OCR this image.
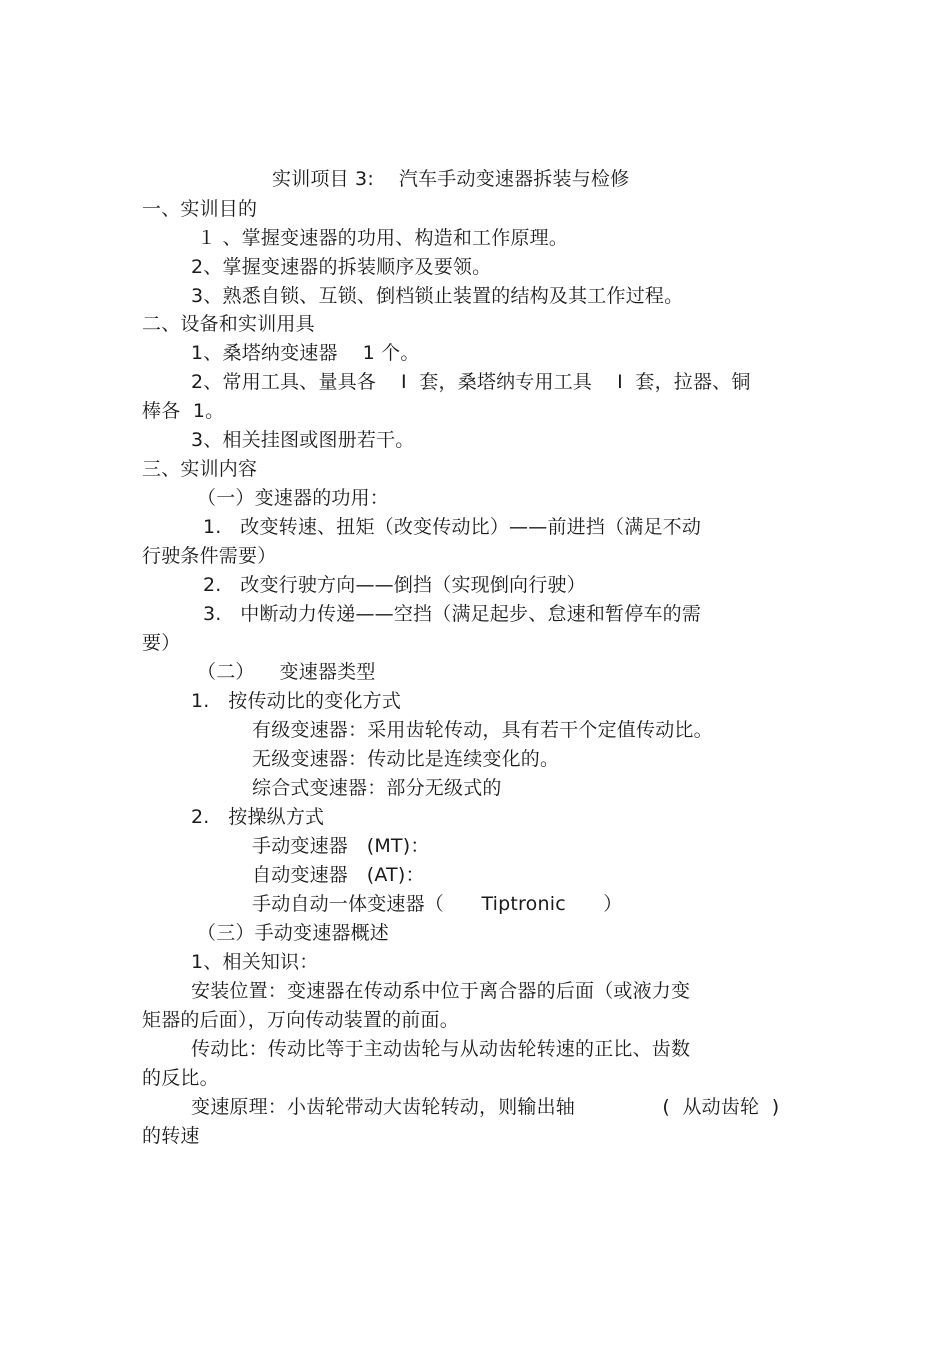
实训项目 3:    汽车手动变速器拆装与检修
一、实训目的
１ 、掌握变速器的功用、构造和工作原理。
2、掌握变速器的拆装顺序及要领。
3、熟悉自锁、互锁、倒档锁止装置的结构及其工作过程。
二、设备和实训用具
1、桑塔纳变速器    1 个。
2、常用工具、量具各    I  套，桑塔纳专用工具    I  套，拉器、铜
棒各  1。
3、相关挂图或图册若干。
三、实训内容
（一）变速器的功用：
1.   改变转速、扭矩（改变传动比）——前进挡（满足不动
行驶条件需要）
2.   改变行驶方向——倒挡（实现倒向行驶）
3.   中断动力传递——空挡（满足起步、怠速和暂停车的需
要）
（二）    变速器类型
1.   按传动比的变化方式
有级变速器：采用齿轮传动，具有若干个定值传动比。
无级变速器：传动比是连续变化的。
综合式变速器：部分无级式的
2.   按操纵方式
手动变速器   (MT)：
自动变速器   (AT)：
手动自动一体变速器（      Tiptronic      ）
（三）手动变速器概述
1、相关知识：
安装位置：变速器在传动系中位于离合器的后面（或液力变
矩器的后面），万向传动装置的前面。
传动比：传动比等于主动齿轮与从动齿轮转速的正比、齿数
的反比。
变速原理：小齿轮带动大齿轮转动，则输出轴              (  从动齿轮  )
的转速
